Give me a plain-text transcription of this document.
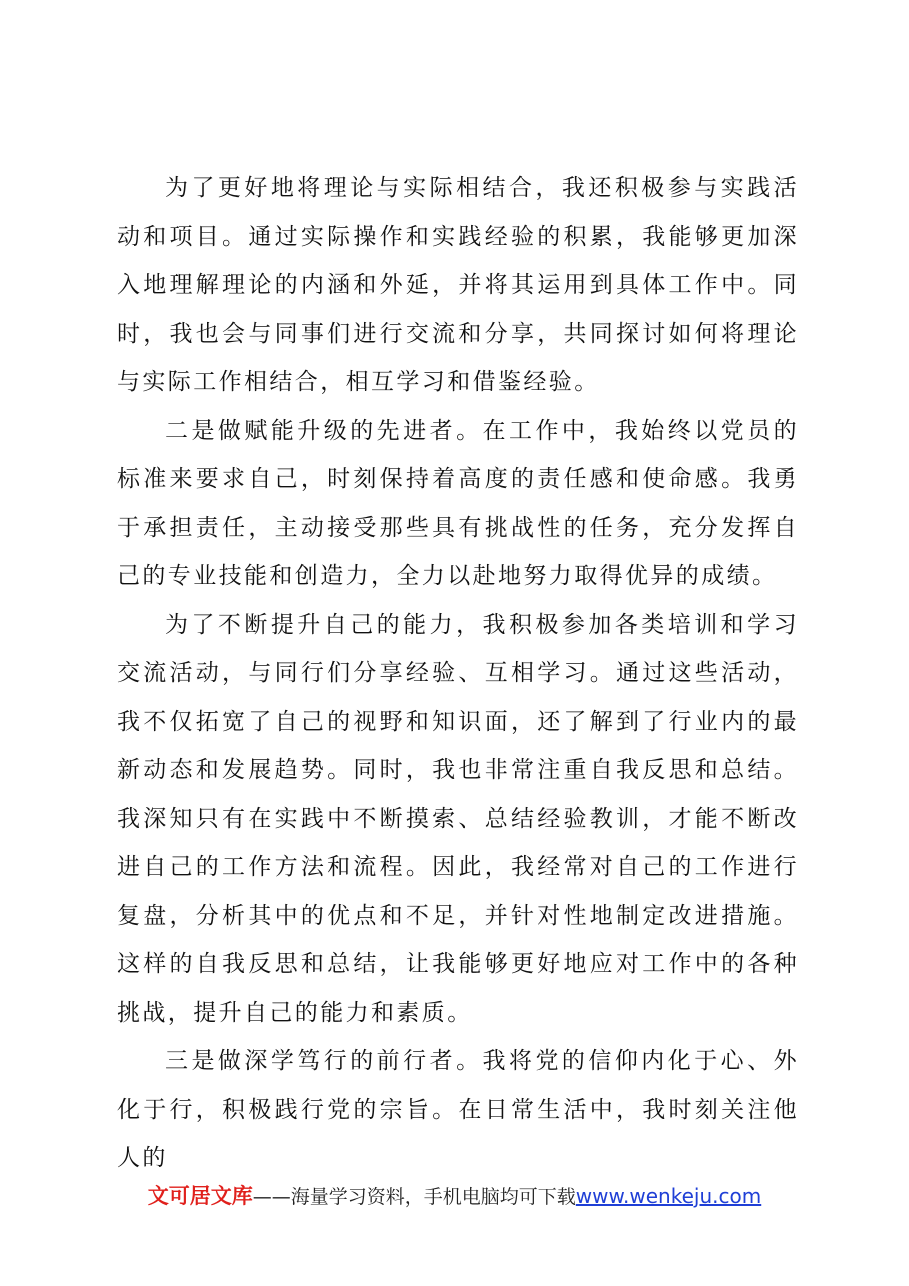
为了更好地将理论与实际相结合，我还积极参与实践活动和项目。通过实际操作和实践经验的积累，我能够更加深入地理解理论的内涵和外延，并将其运用到具体工作中。同时，我也会与同事们进行交流和分享，共同探讨如何将理论与实际工作相结合，相互学习和借鉴经验。

二是做赋能升级的先进者。在工作中，我始终以党员的标准来要求自己，时刻保持着高度的责任感和使命感。我勇于承担责任，主动接受那些具有挑战性的任务，充分发挥自己的专业技能和创造力，全力以赴地努力取得优异的成绩。

为了不断提升自己的能力，我积极参加各类培训和学习交流活动，与同行们分享经验、互相学习。通过这些活动，我不仅拓宽了自己的视野和知识面，还了解到了行业内的最新动态和发展趋势。同时，我也非常注重自我反思和总结。我深知只有在实践中不断摸索、总结经验教训，才能不断改进自己的工作方法和流程。因此，我经常对自己的工作进行复盘，分析其中的优点和不足，并针对性地制定改进措施。这样的自我反思和总结，让我能够更好地应对工作中的各种挑战，提升自己的能力和素质。

三是做深学笃行的前行者。我将党的信仰内化于心、外化于行，积极践行党的宗旨。在日常生活中，我时刻关注他人的

文可居文库——海量学习资料，手机电脑均可下载www.wenkeju.com
